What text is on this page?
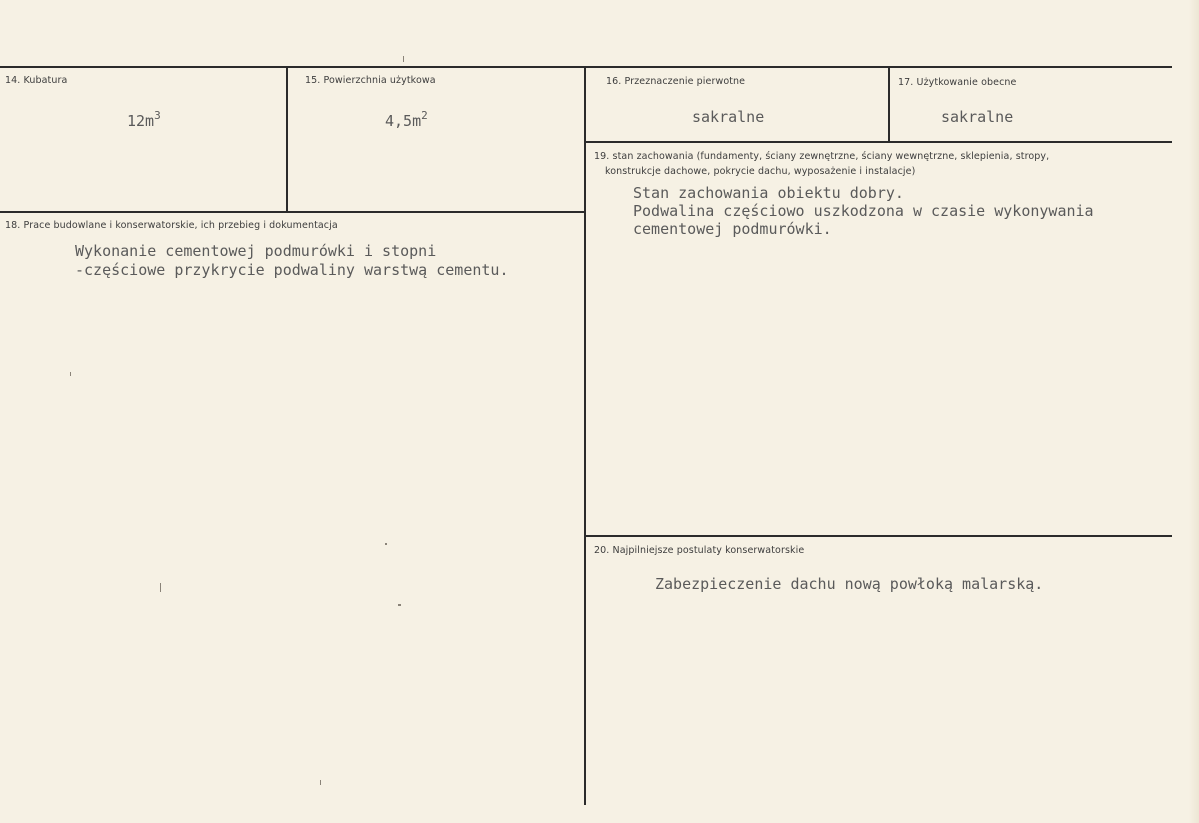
14. Kubatura
$12m^3$
15. Powierzchnia użytkowa
$4,5m^2$
16. Przeznaczenie pierwotne
sakralne
17. Użytkowanie obecne
sakralne
18. Prace budowlane i konserwatorskie, ich przebieg i dokumentacja
Wykonanie cementowej podmurówki i stopni
-częściowe przykrycie podwaliny warstwą cementu.
19. stan zachowania (fundamenty, ściany zewnętrzne, ściany wewnętrzne, sklepienia, stropy,
konstrukcje dachowe, pokrycie dachu, wyposażenie i instalacje)
Stan zachowania obiektu dobry.
Podwalina częściowo uszkodzona w czasie wykonywania
cementowej podmurówki.
20. Najpilniejsze postulaty konserwatorskie
Zabezpieczenie dachu nową powłoką malarską.
